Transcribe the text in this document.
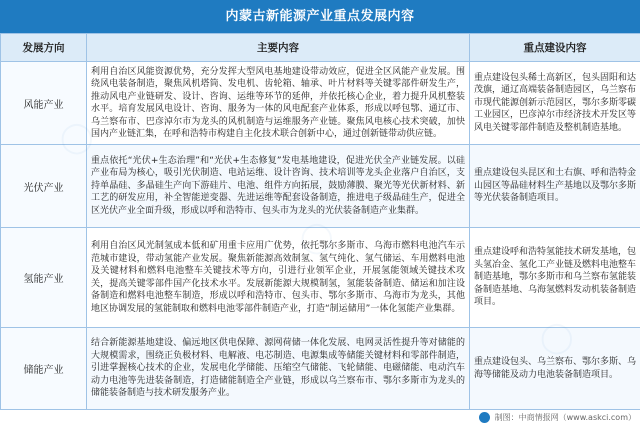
内蒙古新能源产业重点发展内容
发展方向	主要内容	重点建设内容
风能产业	利用自治区风能资源优势，充分发挥大型风电基地建设带动效应，促进全区风能产业发展。围绕风电装备制造，聚焦风机塔筒、发电机、齿轮箱、轴承、叶片材料等关键零部件研发生产，推动风电产业链研发、设计、咨询、运维等环节的延伸，并依托核心企业，着力提升风机整装水平。培育发展风电设计、咨询、服务为一体的风电配套产业体系，形成以呼包鄂、通辽市、乌兰察布市、巴彦淖尔市为龙头的风机制造与运维服务产业链。聚焦风电核心技术突破，加快国内产业链汇集，在呼和浩特市构建自主化技术联合创新中心，通过创新链带动供应链。	重点建设包头稀土高新区，包头固阳和达茂旗，通辽高端装备制造园区，乌兰察布市现代能源创新示范园区，鄂尔多斯零碳工业园区，巴彦淖尔市经济技术开发区等风电关键零部件制造及整机制造基地。
光伏产业	重点依托“光伏+生态治理”和“光伏+生态修复”发电基地建设，促进光伏全产业链发展。以硅产业布局为核心，吸引光伏制造、电站运维、设计咨询、技术培训等龙头企业落户自治区，支持单晶硅、多晶硅生产向下游硅片、电池、组件方向拓展，鼓励薄膜、聚光等光伏新材料、新工艺的研发应用，补全智能逆变器、先进运维等配套设备制造，推进电子级晶硅生产，促进全区光伏产业全面升级，形成以呼和浩特市、包头市为龙头的光伏装备制造产业集群。	重点建设包头昆区和土右旗、呼和浩特金山园区等晶硅材料生产基地以及鄂尔多斯等光伏装备制造项目。
氢能产业	利用自治区风光制氢成本低和矿用重卡应用广优势，依托鄂尔多斯市、乌海市燃料电池汽车示范城市建设，带动氢能产业发展。聚焦新能源高效制氢、氢气纯化、氢气储运、车用燃料电池及关键材料和燃料电池整车关键技术等方向，引进行业领军企业，开展氢能领域关键技术攻关，提高关键零部件国产化技术水平。发展新能源大规模制氢，氢能装备制造、储运和加注设备制造和燃料电池整车制造，形成以呼和浩特市、包头市、鄂尔多斯市、乌海市为龙头，其他地区协调发展的氢能制取和燃料电池零部件制造产业，打造“制运储用”一体化氢能产业集群。	重点建设呼和浩特氢能技术研发基地，包头氢冶金、氢化工产业链及燃料电池整车制造基地，鄂尔多斯市和乌兰察布氢能装备制造基地、乌海氢燃料发动机装备制造项目。
储能产业	结合新能源基地建设、偏远地区供电保障、源网荷储一体化发展、电网灵活性提升等对储能的大规模需求，围绕正负极材料、电解液、电芯制造、电源集成等储能关键材料和零部件制造，引进掌握核心技术的企业，发展电化学储能、压缩空气储能、飞轮储能、电磁储能、电动汽车动力电池等先进装备制造，打造储能制造全产业链，形成以乌兰察布市、鄂尔多斯市为龙头的储能装备制造与技术研发服务产业。	重点建设包头、乌兰察布、鄂尔多斯、乌海等储能及动力电池装备制造项目。
◯
制图：中商情报网（www.askci.com）
